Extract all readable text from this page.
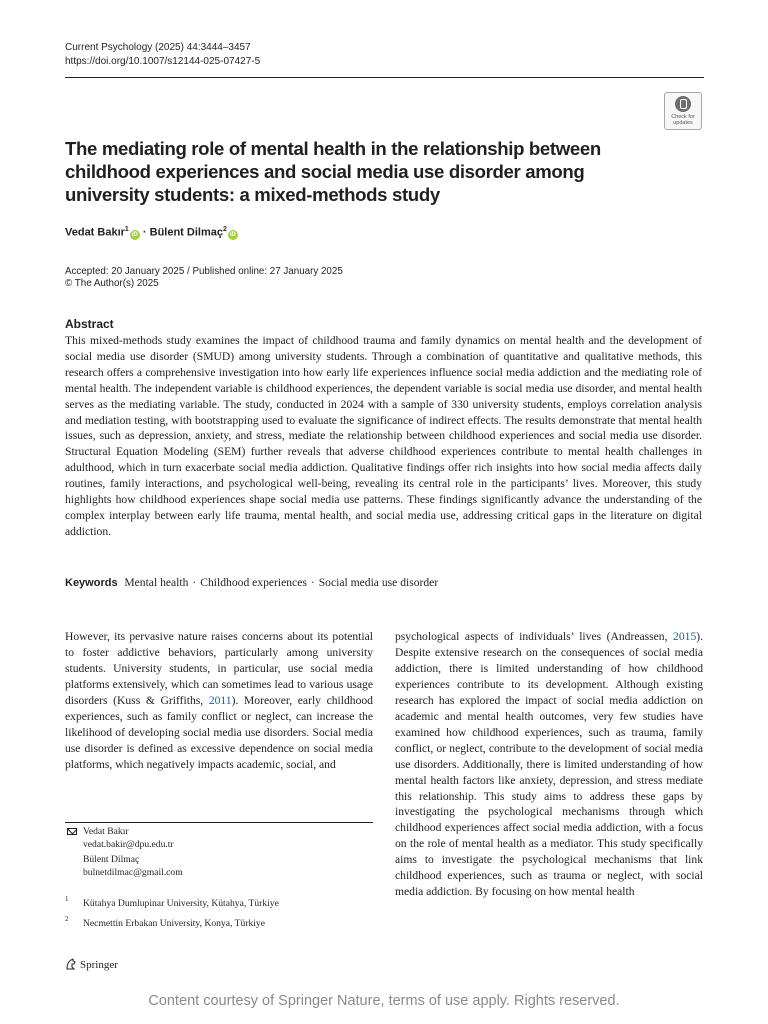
Current Psychology (2025) 44:3444–3457
https://doi.org/10.1007/s12144-025-07427-5
Check for
updates
The mediating role of mental health in the relationship between
childhood experiences and social media use disorder among
university students: a mixed-methods study
Vedat Bakır$^1$iD · Bülent Dilmaç$^2$iD
Accepted: 20 January 2025 / Published online: 27 January 2025
© The Author(s) 2025
Abstract

This mixed-methods study examines the impact of childhood trauma and family dynamics on mental health and the development of social media use disorder (SMUD) among university students. Through a combination of quantitative and qualitative methods, this research offers a comprehensive investigation into how early life experiences influence social media addiction and the mediating role of mental health. The independent variable is childhood experiences, the dependent variable is social media use disorder, and mental health serves as the mediating variable. The study, conducted in 2024 with a sample of 330 university students, employs correlation analysis and mediation testing, with bootstrapping used to evaluate the significance of indirect effects. The results demonstrate that mental health issues, such as depression, anxiety, and stress, mediate the relationship between childhood experiences and social media use disorder. Structural Equation Modeling (SEM) further reveals that adverse childhood experiences contribute to mental health challenges in adulthood, which in turn exacerbate social media addiction. Qualitative findings offer rich insights into how social media affects daily routines, family interactions, and psychological well-being, revealing its central role in the participants’ lives. Moreover, this study highlights how childhood experiences shape social media use patterns. These findings significantly advance the understanding of the complex interplay between early life trauma, mental health, and social media use, addressing critical gaps in the literature on digital addiction.

Keywords Mental health · Childhood experiences · Social media use disorder

However, its pervasive nature raises concerns about its potential to foster addictive behaviors, particularly among university students. University students, in particular, use social media platforms extensively, which can sometimes lead to various usage disorders (Kuss & Griffiths, 2011). Moreover, early childhood experiences, such as family conflict or neglect, can increase the likelihood of developing social media use disorders. Social media use disorder is defined as excessive dependence on social media platforms, which negatively impacts academic, social, and

psychological aspects of individuals’ lives (Andreassen, 2015). Despite extensive research on the consequences of social media addiction, there is limited understanding of how childhood experiences contribute to its development. Although existing research has explored the impact of social media addiction on academic and mental health outcomes, very few studies have examined how childhood experiences, such as trauma, family conflict, or neglect, contribute to the development of social media use disorders. Additionally, there is limited understanding of how mental health factors like anxiety, depression, and stress mediate this relationship. This study aims to address these gaps by investigating the psychological mechanisms through which childhood experiences affect social media addiction, with a focus on the role of mental health as a mediator. This study specifically aims to investigate the psychological mechanisms that link childhood experiences, such as trauma or neglect, with social media addiction. By focusing on how mental health

Vedat Bakır
vedat.bakir@dpu.edu.tr
Bülent Dilmaç
bulnetdilmac@gmail.com
1 Kütahya Dumlupinar University, Kütahya, Türkiye
2 Necmettin Erbakan University, Konya, Türkiye
Springer
Content courtesy of Springer Nature, terms of use apply. Rights reserved.
